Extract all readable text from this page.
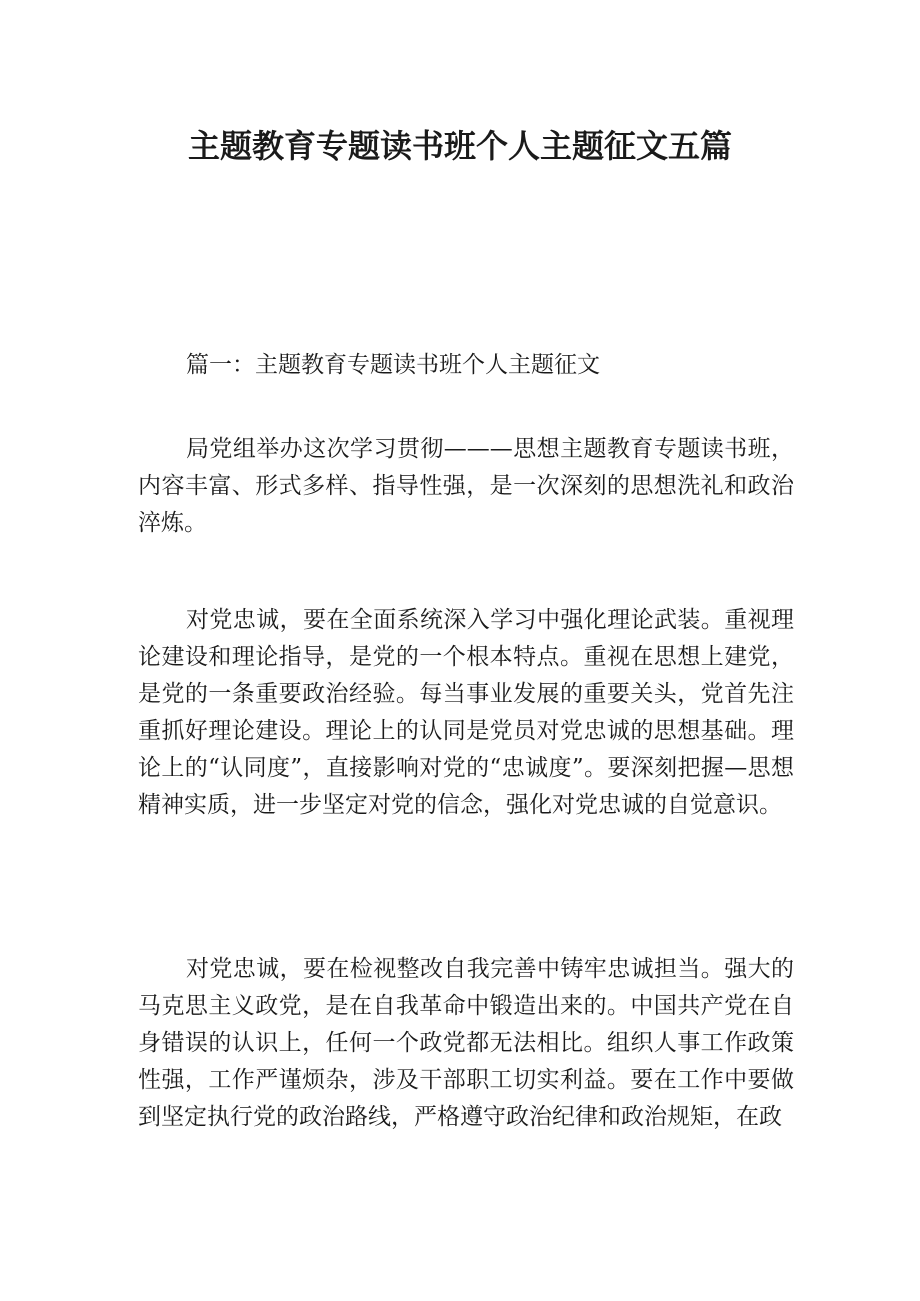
主题教育专题读书班个人主题征文五篇

篇一：主题教育专题读书班个人主题征文

局党组举办这次学习贯彻———思想主题教育专题读书班，内容丰富、形式多样、指导性强，是一次深刻的思想洗礼和政治淬炼。

对党忠诚，要在全面系统深入学习中强化理论武装。重视理论建设和理论指导，是党的一个根本特点。重视在思想上建党，是党的一条重要政治经验。每当事业发展的重要关头，党首先注重抓好理论建设。理论上的认同是党员对党忠诚的思想基础。理论上的“认同度”，直接影响对党的“忠诚度”。要深刻把握—思想精神实质，进一步坚定对党的信念，强化对党忠诚的自觉意识。

对党忠诚，要在检视整改自我完善中铸牢忠诚担当。强大的马克思主义政党，是在自我革命中锻造出来的。中国共产党在自身错误的认识上，任何一个政党都无法相比。组织人事工作政策性强，工作严谨烦杂，涉及干部职工切实利益。要在工作中要做到坚定执行党的政治路线，严格遵守政治纪律和政治规矩，在政
